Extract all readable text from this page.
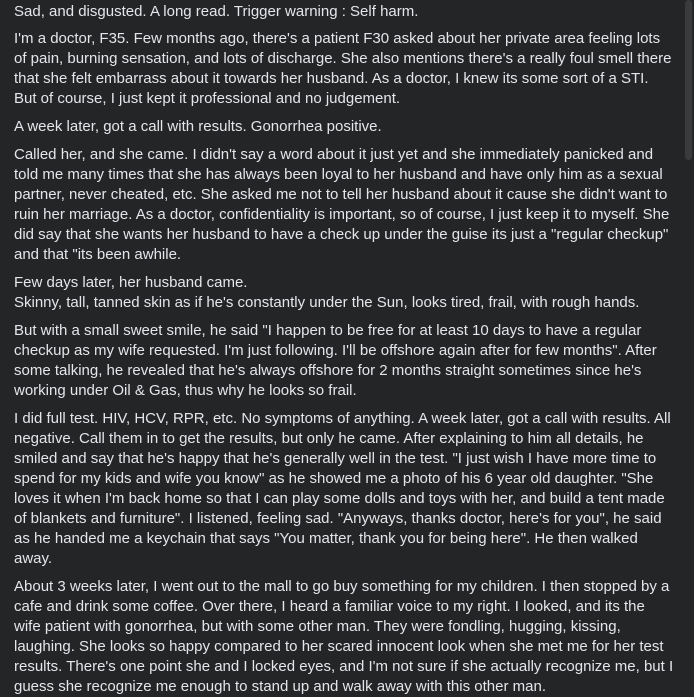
Sad, and disgusted. A long read. Trigger warning : Self harm.

I'm a doctor, F35. Few months ago, there's a patient F30 asked about her private area feeling lots of pain, burning sensation, and lots of discharge. She also mentions there's a really foul smell there that she felt embarrass about it towards her husband. As a doctor, I knew its some sort of a STI. But of course, I just kept it professional and no judgement.

A week later, got a call with results. Gonorrhea positive.

Called her, and she came. I didn't say a word about it just yet and she immediately panicked and told me many times that she has always been loyal to her husband and have only him as a sexual partner, never cheated, etc. She asked me not to tell her husband about it cause she didn't want to ruin her marriage. As a doctor, confidentiality is important, so of course, I just keep it to myself. She did say that she wants her husband to have a check up under the guise its just a "regular checkup" and that "its been awhile.

Few days later, her husband came.
Skinny, tall, tanned skin as if he's constantly under the Sun, looks tired, frail, with rough hands.

But with a small sweet smile, he said "I happen to be free for at least 10 days to have a regular checkup as my wife requested. I'm just following. I'll be offshore again after for few months". After some talking, he revealed that he's always offshore for 2 months straight sometimes since he's working under Oil & Gas, thus why he looks so frail.

I did full test. HIV, HCV, RPR, etc. No symptoms of anything. A week later, got a call with results. All negative. Call them in to get the results, but only he came. After explaining to him all details, he smiled and say that he's happy that he's generally well in the test. "I just wish I have more time to spend for my kids and wife you know" as he showed me a photo of his 6 year old daughter. "She loves it when I'm back home so that I can play some dolls and toys with her, and build a tent made of blankets and furniture". I listened, feeling sad. "Anyways, thanks doctor, here's for you", he said as he handed me a keychain that says "You matter, thank you for being here". He then walked away.

About 3 weeks later, I went out to the mall to go buy something for my children. I then stopped by a cafe and drink some coffee. Over there, I heard a familiar voice to my right. I looked, and its the wife patient with gonorrhea, but with some other man. They were fondling, hugging, kissing, laughing. She looks so happy compared to her scared innocent look when she met me for her test results. There's one point she and I locked eyes, and I'm not sure if she actually recognize me, but I guess she recognize me enough to stand up and walk away with this other man.
